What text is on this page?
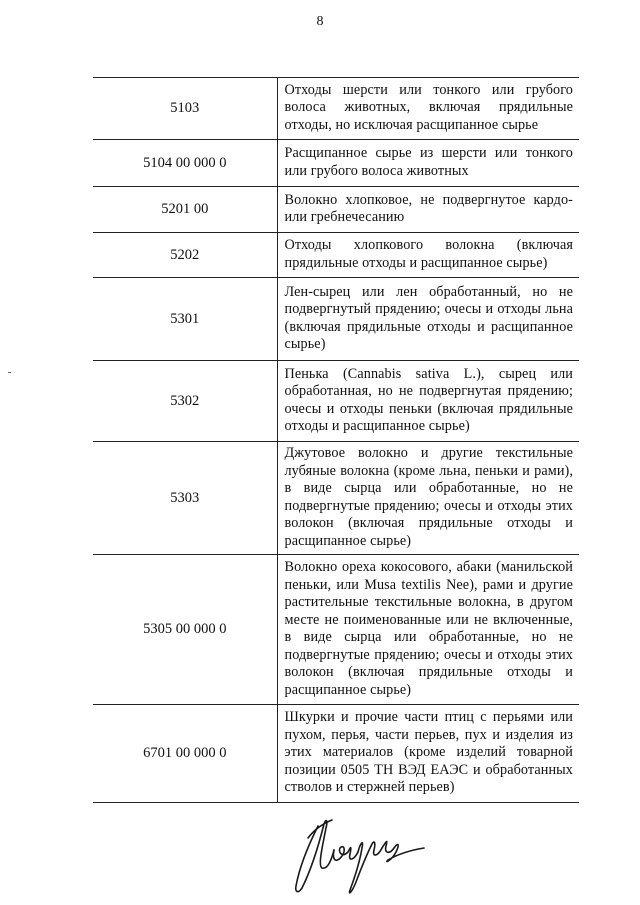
8
5103	Отходы шерсти или тонкого или грубого волоса животных, включая прядильные отходы, но исключая расщипанное сырье
5104 00 000 0	Расщипанное сырье из шерсти или тонкого или грубого волоса животных
5201 00	Волокно хлопковое, не подвергнутое кардо- или гребнечесанию
5202	Отходы хлопкового волокна (включая прядильные отходы и расщипанное сырье)
5301	Лен-сырец или лен обработанный, но не подвергнутый прядению; очесы и отходы льна (включая прядильные отходы и расщипанное сырье)
5302	Пенька (Cannabis sativa L.), сырец или обработанная, но не подвергнутая прядению; очесы и отходы пеньки (включая прядильные отходы и расщипанное сырье)
5303	Джутовое волокно и другие текстильные лубяные волокна (кроме льна, пеньки и рами), в виде сырца или обработанные, но не подвергнутые прядению; очесы и отходы этих волокон (включая прядильные отходы и расщипанное сырье)
5305 00 000 0	Волокно ореха кокосового, абаки (манильской пеньки, или Musa textilis Nee), рами и другие растительные текстильные волокна, в другом месте не поименованные или не включенные, в виде сырца или обработанные, но не подвергнутые прядению; очесы и отходы этих волокон (включая прядильные отходы и расщипанное сырье)
6701 00 000 0	Шкурки и прочие части птиц с перьями или пухом, перья, части перьев, пух и изделия из этих материалов (кроме изделий товарной позиции 0505 ТН ВЭД ЕАЭС и обработанных стволов и стержней перьев)
